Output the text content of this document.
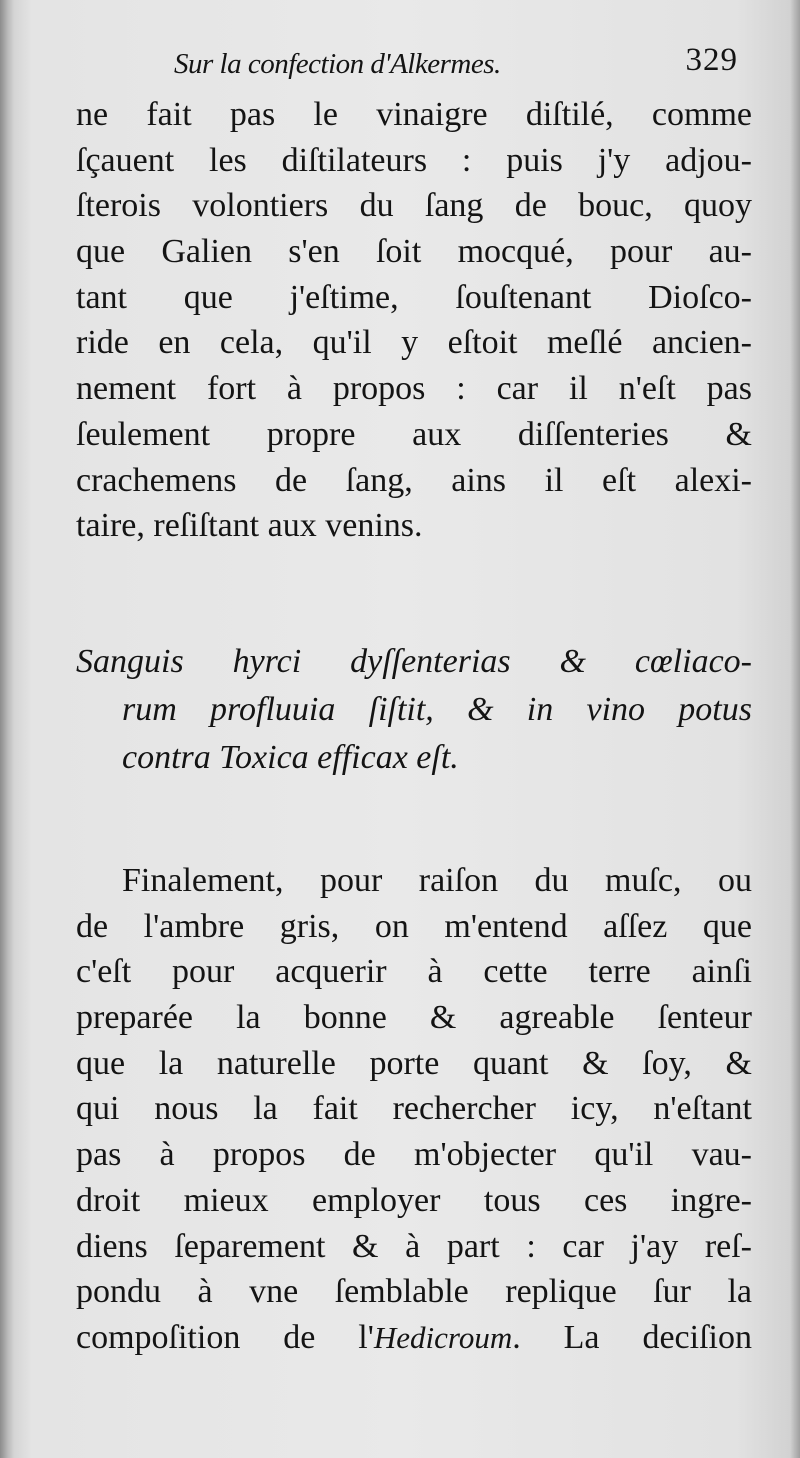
Sur la confection d'Alkermes.	329
ne fait pas le vinaigre diſtilé, comme
ſçauent les diſtilateurs : puis j'y adjou-
ſterois volontiers du ſang de bouc, quoy
que Galien s'en ſoit mocqué, pour au-
tant que j'eſtime, ſouſtenant Dioſco-
ride en cela, qu'il y eſtoit meſlé ancien-
nement fort à propos : car il n'eſt pas
ſeulement propre aux diſſenteries &
crachemens de ſang, ains il eſt alexi-
taire, reſiſtant aux venins.
Sanguis hyrci dyſſenterias & cœliaco-
rum profluuia ſiſtit, & in vino potus
contra Toxica efficax eſt.
Finalement, pour raiſon du muſc, ou
de l'ambre gris, on m'entend aſſez que
c'eſt pour acquerir à cette terre ainſi
preparée la bonne & agreable ſenteur
que la naturelle porte quant & ſoy, &
qui nous la fait rechercher icy, n'eſtant
pas à propos de m'objecter qu'il vau-
droit mieux employer tous ces ingre-
diens ſeparement & à part : car j'ay reſ-
pondu à vne ſemblable replique ſur la
compoſition de l'Hedicroum. La deciſion
